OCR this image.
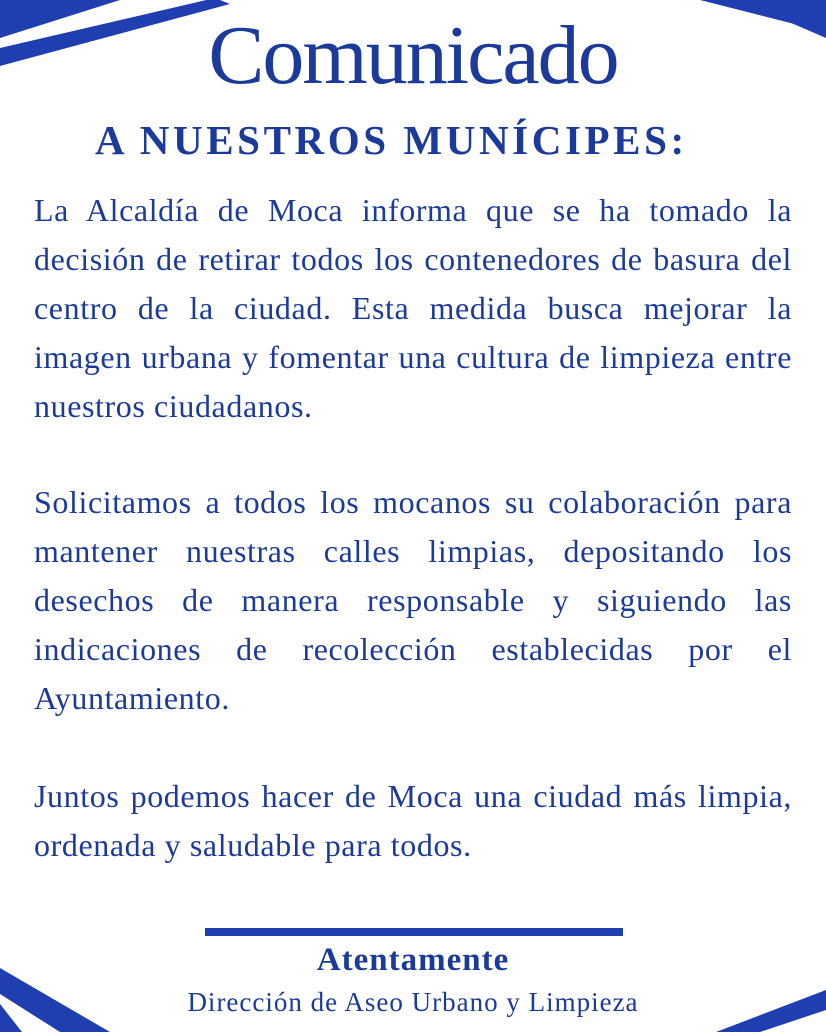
Comunicado
A NUESTROS MUNÍCIPES:

La Alcaldía de Moca informa que se ha tomado la decisión de retirar todos los contenedores de basura del centro de la ciudad. Esta medida busca mejorar la imagen urbana y fomentar una cultura de limpieza entre nuestros ciudadanos.

Solicitamos a todos los mocanos su colaboración para mantener nuestras calles limpias, depositando los desechos de manera responsable y siguiendo las indicaciones de recolección establecidas por el Ayuntamiento.

Juntos podemos hacer de Moca una ciudad más limpia, ordenada y saludable para todos.

Atentamente
Dirección de Aseo Urbano y Limpieza
